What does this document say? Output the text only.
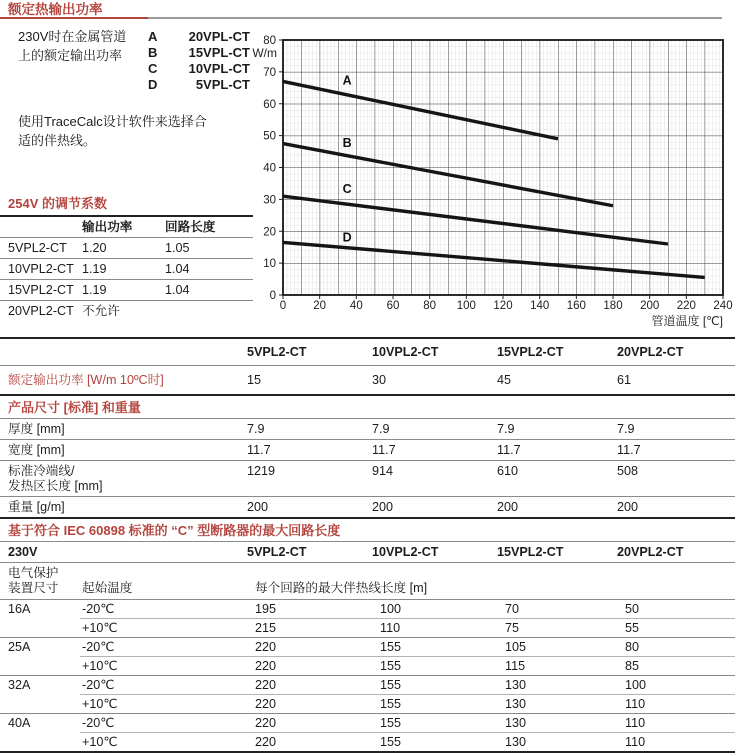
额定热输出功率
230V时在金属管道
上的额定输出功率
A	20VPL-CT
B	15VPL-CT
C	10VPL-CT
D	5VPL-CT
使用TraceCalc设计软件来选择合
适的伴热线。
0 20 40 60 80 100 120 140 160 180 200 220 240
0
10
20
30
40
50
60
70
80
W/m
管道温度 [℃]
A
B
C
D
254V 的调节系数
输出功率	回路长度
5VPL2-CT	1.20	1.05
10VPL2-CT 1.19	1.04
15VPL2-CT 1.19	1.04
20VPL2-CT 不允许
5VPL2-CT	10VPL2-CT	15VPL2-CT	20VPL2-CT
额定输出功率 [W/m 10ºC时]	15	30	45	61
产品尺寸 [标准] 和重量
厚度 [mm]	7.9	7.9	7.9	7.9
宽度 [mm]	11.7	11.7	11.7	11.7
标准冷端线/
发热区长度 [mm]
1219	914	610	508
重量 [g/m]	200	200	200	200
基于符合 IEC 60898 标准的 “C” 型断路器的最大回路长度
230V	5VPL2-CT	10VPL2-CT	15VPL2-CT	20VPL2-CT
电气保护
装置尺寸	起始温度	每个回路的最大伴热线长度 [m]
16A	-20℃	195	100	70	50
+10℃	215	110	75	55
25A	-20℃	220	155	105	80
+10℃	220	155	115	85
32A	-20℃	220	155	130	100
+10℃	220	155	130	110
40A	-20℃	220	155	130	110
+10℃	220	155	130	110
